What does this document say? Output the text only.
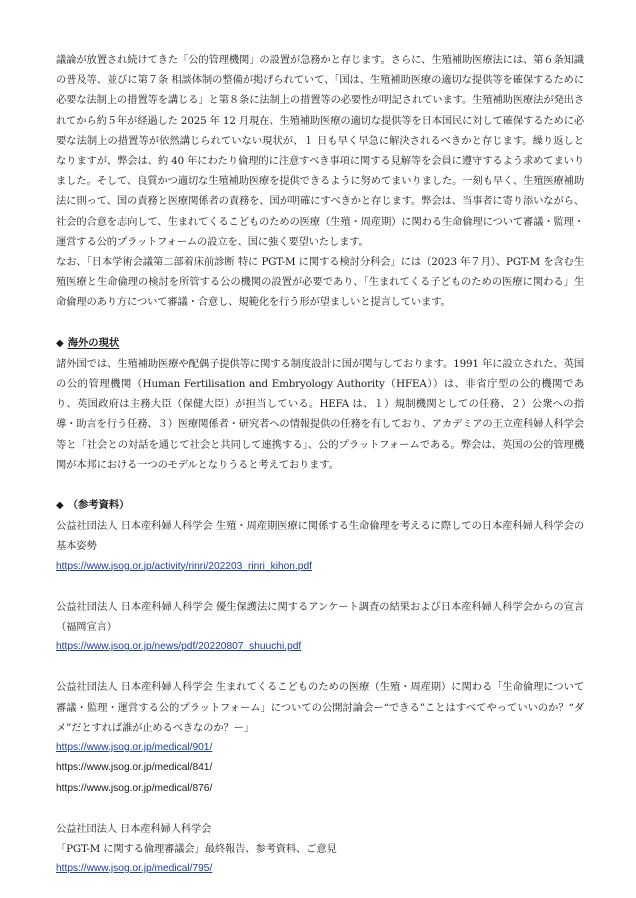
議論が放置され続けてきた「公的管理機関」の設置が急務かと存じます。さらに、生殖補助医療法には、第６条知識の普及等、並びに第７条 相談体制の整備が掲げられていて、「国は、生殖補助医療の適切な提供等を確保するために必要な法制上の措置等を講じる」と第８条に法制上の措置等の必要性が明記されています。生殖補助医療法が発出されてから約５年が経過した 2025 年 12 月現在、生殖補助医療の適切な提供等を日本国民に対して確保するために必要な法制上の措置等が依然講じられていない現状が、１ 日も早く早急に解決されるべきかと存じます。繰り返しとなりますが、弊会は、約 40 年にわたり倫理的に注意すべき事項に関する見解等を会員に遵守するよう求めてまいりました。そして、良質かつ適切な生殖補助医療を提供できるように努めてまいりました。一刻も早く、生殖医療補助法に則って、国の責務と医療関係者の責務を、国が明確にすべきかと存じます。弊会は、当事者に寄り添いながら、社会的合意を志向して、生まれてくるこどものための医療（生殖・周産期）に関わる生命倫理について審議・監理・運営する公的プラットフォームの設立を、国に強く要望いたします。

なお、「日本学術会議第二部着床前診断 特に PGT-M に関する検討分科会」には（2023 年７月）、PGT-M を含む生殖医療と生命倫理の検討を所管する公の機関の設置が必要であり、「生まれてくる子どものための医療に関わる」生命倫理のあり方について審議・合意し、規範化を行う形が望ましいと提言しています。

◆ 海外の現状

諸外国では、生殖補助医療や配偶子提供等に関する制度設計に国が関与しております。1991 年に設立された、英国の公的管理機関（Human Fertilisation and Embryology Authority（HFEA））は、非省庁型の公的機関であり、英国政府は主務大臣（保健大臣）が担当している。HEFA は、１）規制機関としての任務、２）公衆への指導・助言を行う任務、３）医療関係者・研究者への情報提供の任務を有しており、アカデミアの王立産科婦人科学会等と「社会との対話を通じて社会と共同して連携する」、公的プラットフォームである。弊会は、英国の公的管理機関が本邦における一つのモデルとなりうると考えております。

◆ （参考資料）

公益社団法人 日本産科婦人科学会 生殖・周産期医療に関係する生命倫理を考えるに際しての日本産科婦人科学会の基本姿勢

https://www.jsog.or.jp/activity/rinri/202203_rinri_kihon.pdf

公益社団法人 日本産科婦人科学会 優生保護法に関するアンケート調査の結果および日本産科婦人科学会からの宣言（福岡宣言）

https://www.jsog.or.jp/news/pdf/20220807_shuuchi.pdf

公益社団法人 日本産科婦人科学会 生まれてくるこどものための医療（生殖・周産期）に関わる「生命倫理について審議・監理・運営する公的プラットフォーム」についての公開討論会ー“できる”ことはすべてやっていいのか？“ダメ”だとすれば誰が止めるべきなのか？ー」

https://www.jsog.or.jp/medical/901/
https://www.jsog.or.jp/medical/841/
https://www.jsog.or.jp/medical/876/

公益社団法人 日本産科婦人科学会

「PGT-M に関する倫理審議会」最終報告、参考資料、ご意見

https://www.jsog.or.jp/medical/795/
